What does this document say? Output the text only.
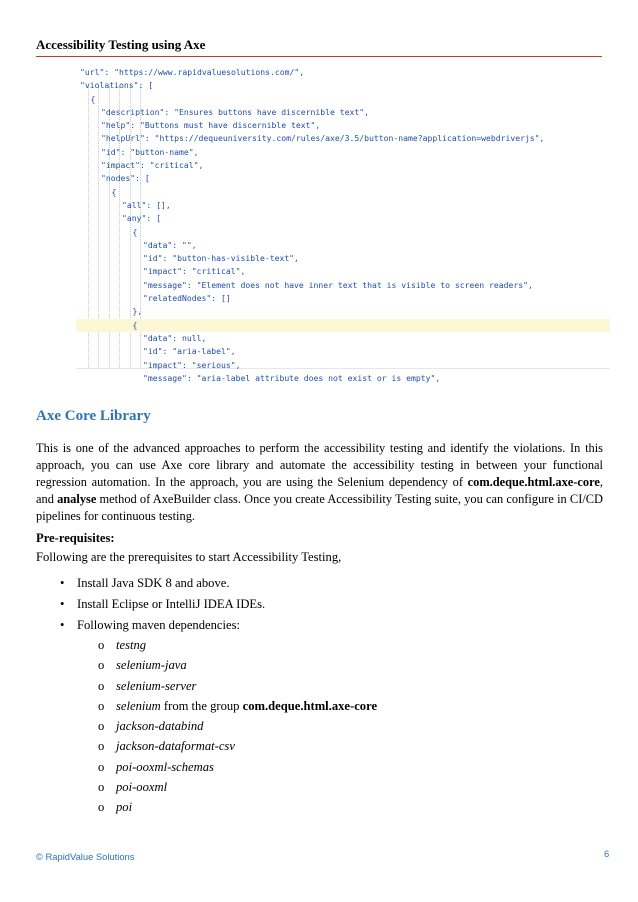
Accessibility Testing using Axe
"url": "https://www.rapidvaluesolutions.com/",
"violations": [
{
"description": "Ensures buttons have discernible text",
"help": "Buttons must have discernible text",
"helpUrl": "https://dequeuniversity.com/rules/axe/3.5/button-name?application=webdriverjs",
"id": "button-name",
"impact": "critical",
"nodes": [
{
"all": [],
"any": [
{
"data": "",
"id": "button-has-visible-text",
"impact": "critical",
"message": "Element does not have inner text that is visible to screen readers",
"relatedNodes": []
},
{
"data": null,
"id": "aria-label",
"impact": "serious",
"message": "aria-label attribute does not exist or is empty",
Axe Core Library
This is one of the advanced approaches to perform the accessibility testing and identify the violations. In this approach, you can use Axe core library and automate the accessibility testing in between your functional regression automation. In the approach, you are using the Selenium dependency of com.deque.html.axe-core, and analyse method of AxeBuilder class. Once you create Accessibility Testing suite, you can configure in CI/CD pipelines for continuous testing.
Pre-requisites:
Following are the prerequisites to start Accessibility Testing,
• Install Java SDK 8 and above.
• Install Eclipse or IntelliJ IDEA IDEs.
• Following maven dependencies:
o testng
o selenium-java
o selenium-server
o selenium from the group com.deque.html.axe-core
o jackson-databind
o jackson-dataformat-csv
o poi-ooxml-schemas
o poi-ooxml
o poi
© RapidValue Solutions	6
